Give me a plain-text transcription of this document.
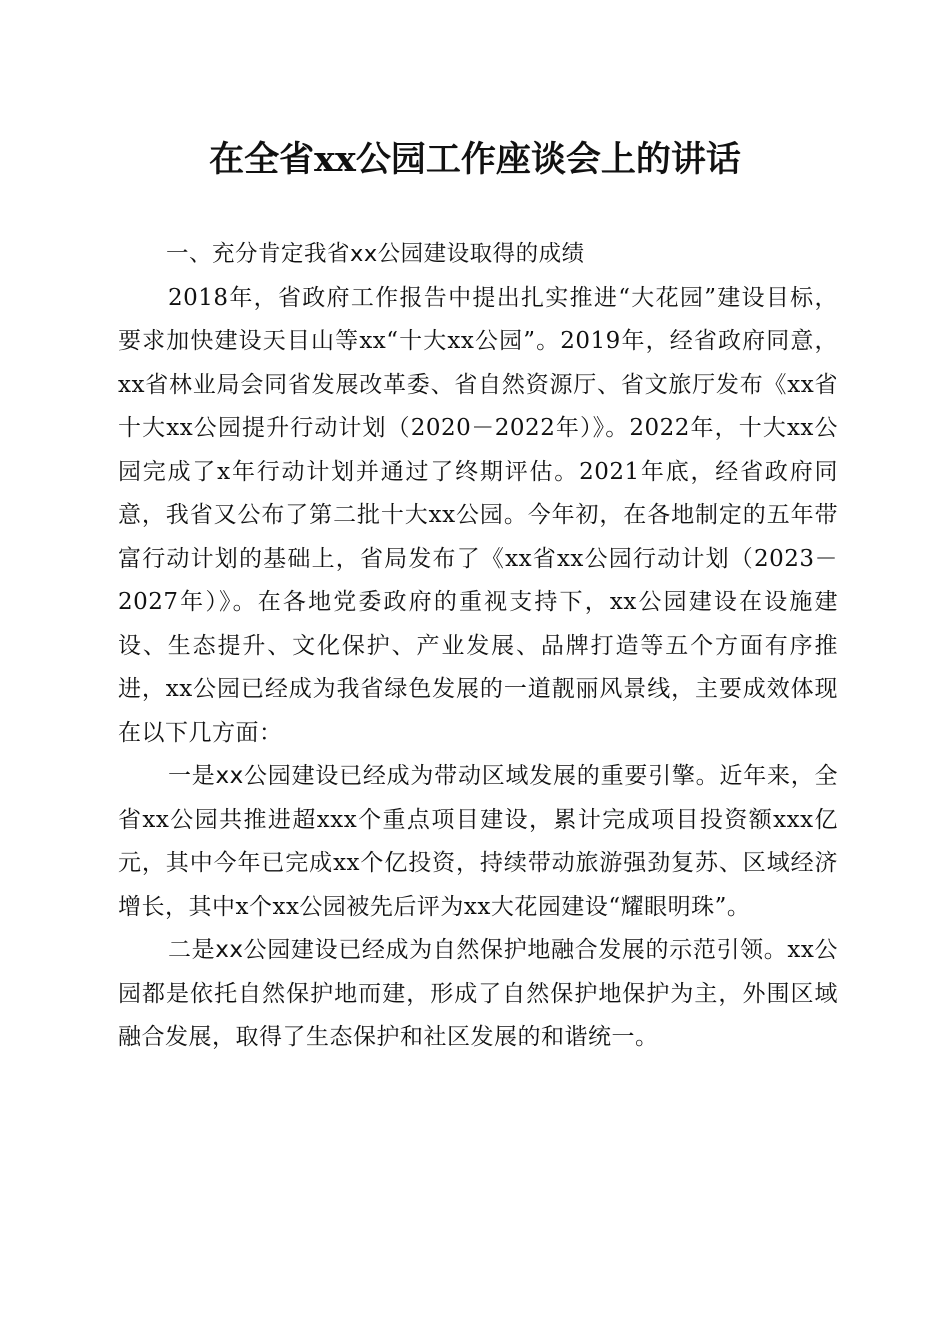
在全省xx公园工作座谈会上的讲话

一、充分肯定我省xx公园建设取得的成绩

2018年，省政府工作报告中提出扎实推进“大花园”建设目标，要求加快建设天目山等xx“十大xx公园”。2019年，经省政府同意，xx省林业局会同省发展改革委、省自然资源厅、省文旅厅发布《xx省十大xx公园提升行动计划（2020－2022年）》。2022年，十大xx公园完成了x年行动计划并通过了终期评估。2021年底，经省政府同意，我省又公布了第二批十大xx公园。今年初，在各地制定的五年带富行动计划的基础上，省局发布了《xx省xx公园行动计划（2023－2027年）》。在各地党委政府的重视支持下，xx公园建设在设施建设、生态提升、文化保护、产业发展、品牌打造等五个方面有序推进，xx公园已经成为我省绿色发展的一道靓丽风景线，主要成效体现在以下几方面：

一是xx公园建设已经成为带动区域发展的重要引擎。近年来，全省xx公园共推进超xxx个重点项目建设，累计完成项目投资额xxx亿元，其中今年已完成xx个亿投资，持续带动旅游强劲复苏、区域经济增长，其中x个xx公园被先后评为xx大花园建设“耀眼明珠”。

二是xx公园建设已经成为自然保护地融合发展的示范引领。xx公园都是依托自然保护地而建，形成了自然保护地保护为主，外围区域融合发展，取得了生态保护和社区发展的和谐统一。
